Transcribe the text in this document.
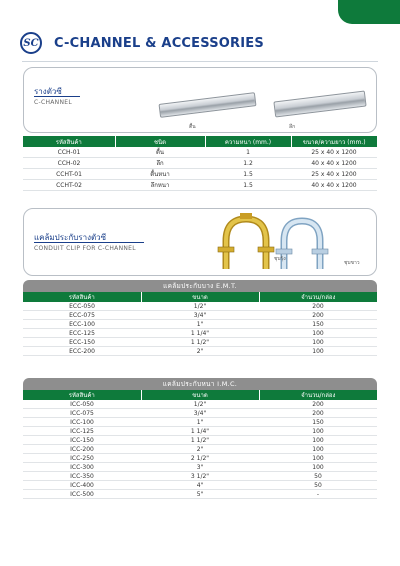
SC C-CHANNEL & ACCESSORIES
รางตัวซี
C-CHANNEL
ตื้น	ลึก
รหัสสินค้า	ชนิด	ความหนา (mm.)	ขนาด/ความยาว (mm.)
CCH-01	ตื้น	1	25 x 40 x 1200
CCH-02	ลึก	1.2	40 x 40 x 1200
CCHT-01	ตื้นหนา	1.5	25 x 40 x 1200
CCHT-02	ลึกหนา	1.5	40 x 40 x 1200
แคล้มประกับรางตัวซี
CONDUIT CLIP FOR C-CHANNEL
ชุบรุ้ง
ชุบขาว
แคล้มประกับบาง E.M.T.
รหัสสินค้า	ขนาด	จำนวน/กล่อง
ECC-050	1/2"	200
ECC-075	3/4"	200
ECC-100	1"	150
ECC-125	1 1/4"	100
ECC-150	1 1/2"	100
ECC-200	2"	100
แคล้มประกับหนา I.M.C.
รหัสสินค้า	ขนาด	จำนวน/กล่อง
ICC-050	1/2"	200
ICC-075	3/4"	200
ICC-100	1"	150
ICC-125	1 1/4"	100
ICC-150	1 1/2"	100
ICC-200	2"	100
ICC-250	2 1/2"	100
ICC-300	3"	100
ICC-350	3 1/2"	50
ICC-400	4"	50
ICC-500	5"	-
